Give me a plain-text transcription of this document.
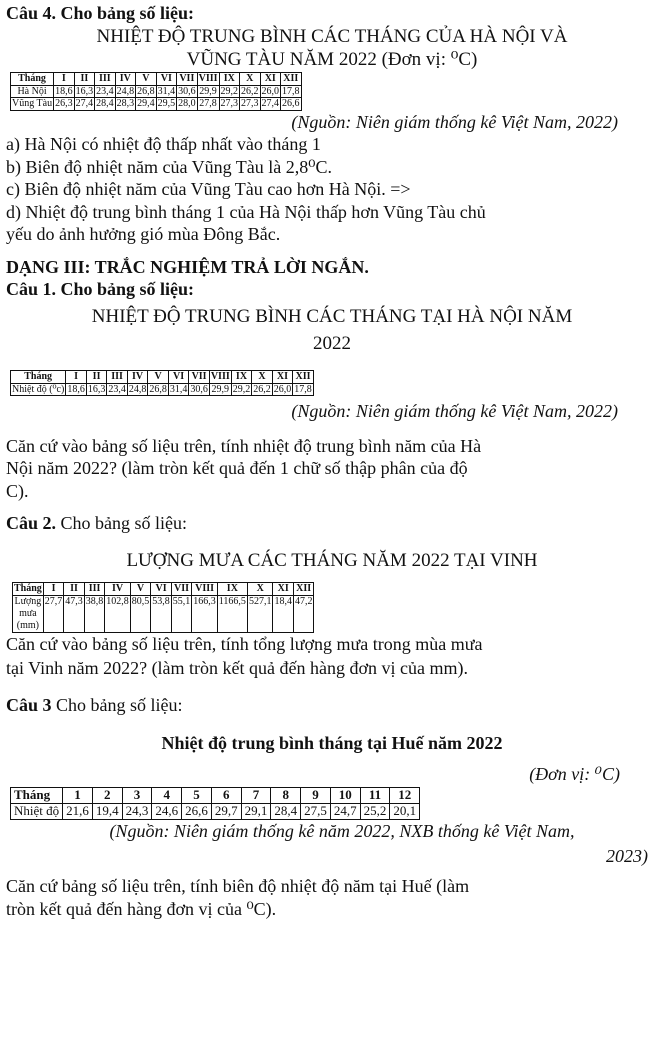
Câu 4. Cho bảng số liệu:

NHIỆT ĐỘ TRUNG BÌNH CÁC THÁNG CỦA HÀ NỘI VÀ

VŨNG TÀU NĂM 2022 (Đơn vị: ⁰C)

Tháng	I	II	III	IV	V	VI	VII	VIII	IX	X	XI	XII
Hà Nội	18,6	16,3	23,4	24,8	26,8	31,4	30,6	29,9	29,2	26,2	26,0	17,8
Vũng Tàu	26,3	27,4	28,4	28,3	29,4	29,5	28,0	27,8	27,3	27,3	27,4	26,6

(Nguồn: Niên giám thống kê Việt Nam, 2022)

a) Hà Nội có nhiệt độ thấp nhất vào tháng 1

b) Biên độ nhiệt năm của Vũng Tàu là 2,8⁰C.

c) Biên độ nhiệt năm của Vũng Tàu cao hơn Hà Nội. =>

d) Nhiệt độ trung bình tháng 1 của Hà Nội thấp hơn Vũng Tàu chủ

yếu do ảnh hưởng gió mùa Đông Bắc.

DẠNG III: TRẮC NGHIỆM TRẢ LỜI NGẮN.

Câu 1. Cho bảng số liệu:

NHIỆT ĐỘ TRUNG BÌNH CÁC THÁNG TẠI HÀ NỘI NĂM

2022

Tháng	I	II	III	IV	V	VI	VII	VIII	IX	X	XI	XII
Nhiệt độ (⁰c)	18,6	16,3	23,4	24,8	26,8	31,4	30,6	29,9	29,2	26,2	26,0	17,8

(Nguồn: Niên giám thống kê Việt Nam, 2022)

Căn cứ vào bảng số liệu trên, tính nhiệt độ trung bình năm của Hà

Nội năm 2022? (làm tròn kết quả đến 1 chữ số thập phân của độ

C).

Câu 2. Cho bảng số liệu:

LƯỢNG MƯA CÁC THÁNG NĂM 2022 TẠI VINH

Tháng	I	II	III	IV	V	VI	VII	VIII	IX	X	XI	XII
Lượng
mưa
(mm)	27,7	47,3	38,8	102,8	80,5	53,8	55,1	166,3	1166,5	527,1	18,4	47,2

Căn cứ vào bảng số liệu trên, tính tổng lượng mưa trong mùa mưa

tại Vinh năm 2022? (làm tròn kết quả đến hàng đơn vị của mm).

Câu 3 Cho bảng số liệu:

Nhiệt độ trung bình tháng tại Huế năm 2022

(Đơn vị: ⁰C)

Tháng	1	2	3	4	5	6	7	8	9	10	11	12
Nhiệt độ	21,6	19,4	24,3	24,6	26,6	29,7	29,1	28,4	27,5	24,7	25,2	20,1

(Nguồn: Niên giám thống kê năm 2022, NXB thống kê Việt Nam,

2023)

Căn cứ bảng số liệu trên, tính biên độ nhiệt độ năm tại Huế (làm

tròn kết quả đến hàng đơn vị của ⁰C).
